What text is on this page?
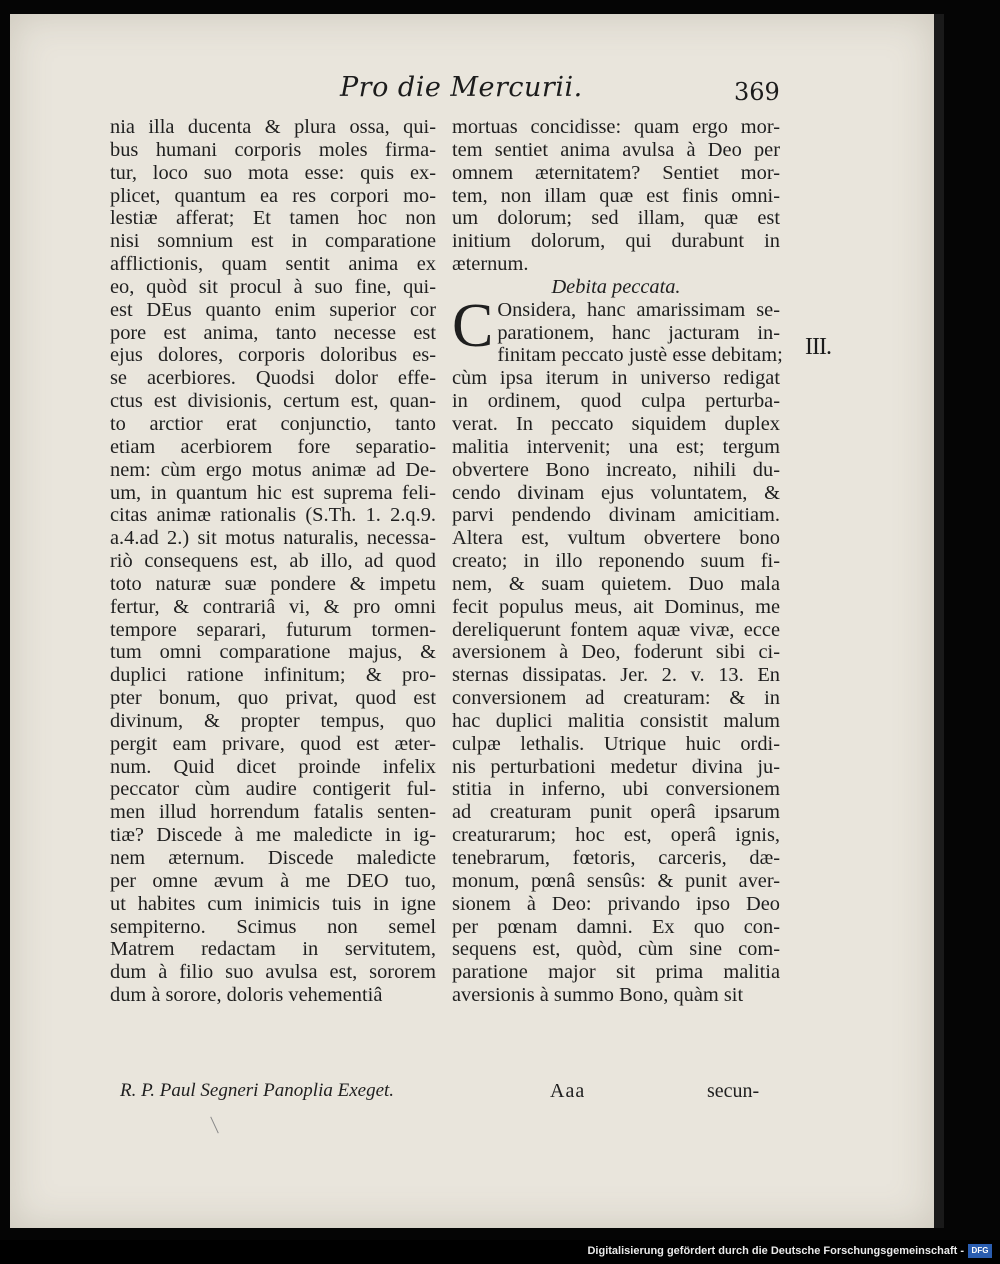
Pro die Mercurii.	369
nia illa ducenta & plura ossa, qui-
bus humani corporis moles firma-
tur, loco suo mota esse: quis ex-
plicet, quantum ea res corpori mo-
lestiæ afferat; Et tamen hoc non
nisi somnium est in comparatione
afflictionis, quam sentit anima ex
eo, quòd sit procul à suo fine, qui-
est DEus quanto enim superior cor
pore est anima, tanto necesse est
ejus dolores, corporis doloribus es-
se acerbiores. Quodsi dolor effe-
ctus est divisionis, certum est, quan-
to arctior erat conjunctio, tanto
etiam acerbiorem fore separatio-
nem: cùm ergo motus animæ ad De-
um, in quantum hic est suprema feli-
citas animæ rationalis (S.Th. 1. 2.q.9.
a.4.ad 2.) sit motus naturalis, necessa-
riò consequens est, ab illo, ad quod
toto naturæ suæ pondere & impetu
fertur, & contrariâ vi, & pro omni
tempore separari, futurum tormen-
tum omni comparatione majus, &
duplici ratione infinitum; & pro-
pter bonum, quo privat, quod est
divinum, & propter tempus, quo
pergit eam privare, quod est æter-
num. Quid dicet proinde infelix
peccator cùm audire contigerit ful-
men illud horrendum fatalis senten-
tiæ? Discede à me maledicte in ig-
nem æternum. Discede maledicte
per omne ævum à me DEO tuo,
ut habites cum inimicis tuis in igne
sempiterno. Scimus non semel
Matrem redactam in servitutem,
dum à filio suo avulsa est, sororem
dum à sorore, doloris vehementiâ
mortuas concidisse: quam ergo mor-
tem sentiet anima avulsa à Deo per
omnem æternitatem? Sentiet mor-
tem, non illam quæ est finis omni-
um dolorum; sed illam, quæ est
initium dolorum, qui durabunt in
æternum.
Debita peccata.
C Onsidera, hanc amarissimam se-
parationem, hanc jacturam in-
finitam peccato justè esse debitam;
cùm ipsa iterum in universo redigat
in ordinem, quod culpa perturba-
verat. In peccato siquidem duplex
malitia intervenit; una est; tergum
obvertere Bono increato, nihili du-
cendo divinam ejus voluntatem, &
parvi pendendo divinam amicitiam.
Altera est, vultum obvertere bono
creato; in illo reponendo suum fi-
nem, & suam quietem. Duo mala
fecit populus meus, ait Dominus, me
dereliquerunt fontem aquæ vivæ, ecce
aversionem à Deo, foderunt sibi ci-
sternas dissipatas. Jer. 2. v. 13. En
conversionem ad creaturam: & in
hac duplici malitia consistit malum
culpæ lethalis. Utrique huic ordi-
nis perturbationi medetur divina ju-
stitia in inferno, ubi conversionem
ad creaturam punit operâ ipsarum
creaturarum; hoc est, operâ ignis,
tenebrarum, fœtoris, carceris, dæ-
monum, pœnâ sensûs: & punit aver-
sionem à Deo: privando ipso Deo
per pœnam damni. Ex quo con-
sequens est, quòd, cùm sine com-
paratione major sit prima malitia
aversionis à summo Bono, quàm sit
III.
R. P. Paul Segneri Panoplia Exeget.	Aaa	secun-
Digitalisierung gefördert durch die Deutsche Forschungsgemeinschaft - DFG
